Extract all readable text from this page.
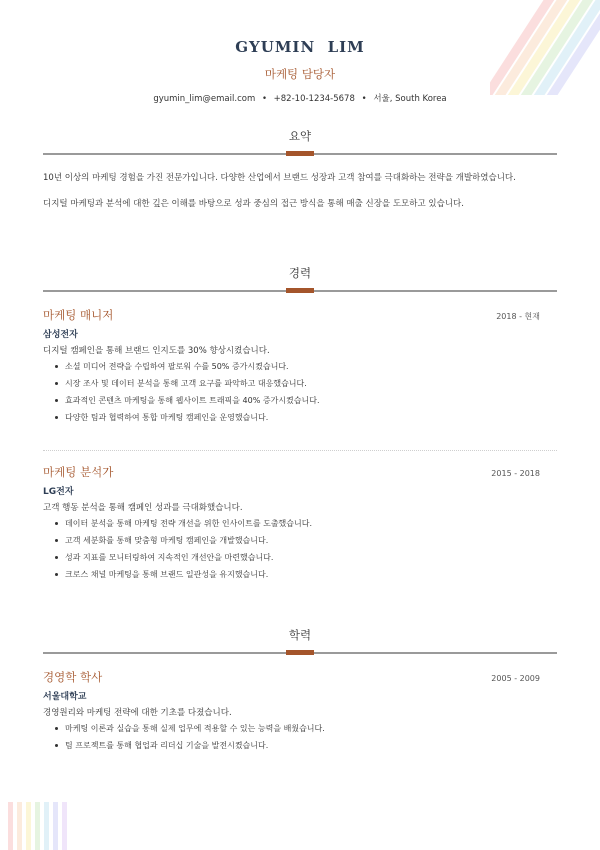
GYUMIN  LIM
마케팅 담당자
gyumin_lim@email.com • +82-10-1234-5678 • 서울, South Korea
요약

10년 이상의 마케팅 경험을 가진 전문가입니다. 다양한 산업에서 브랜드 성장과 고객 참여를 극대화하는 전략을 개발하였습니다.

디지털 마케팅과 분석에 대한 깊은 이해를 바탕으로 성과 중심의 접근 방식을 통해 매출 신장을 도모하고 있습니다.

경력
마케팅 매니저	2018 - 현재
삼성전자
디지털 캠페인을 통해 브랜드 인지도를 30% 향상시켰습니다.
소셜 미디어 전략을 수립하여 팔로워 수를 50% 증가시켰습니다.
시장 조사 및 데이터 분석을 통해 고객 요구를 파악하고 대응했습니다.
효과적인 콘텐츠 마케팅을 통해 웹사이트 트래픽을 40% 증가시켰습니다.
다양한 팀과 협력하여 통합 마케팅 캠페인을 운영했습니다.
마케팅 분석가	2015 - 2018
LG전자
고객 행동 분석을 통해 캠페인 성과를 극대화했습니다.
데이터 분석을 통해 마케팅 전략 개선을 위한 인사이트를 도출했습니다.
고객 세분화를 통해 맞춤형 마케팅 캠페인을 개발했습니다.
성과 지표를 모니터링하여 지속적인 개선안을 마련했습니다.
크로스 채널 마케팅을 통해 브랜드 일관성을 유지했습니다.
학력
경영학 학사	2005 - 2009
서울대학교
경영원리와 마케팅 전략에 대한 기초를 다졌습니다.
마케팅 이론과 실습을 통해 실제 업무에 적용할 수 있는 능력을 배웠습니다.
팀 프로젝트를 통해 협업과 리더십 기술을 발전시켰습니다.
